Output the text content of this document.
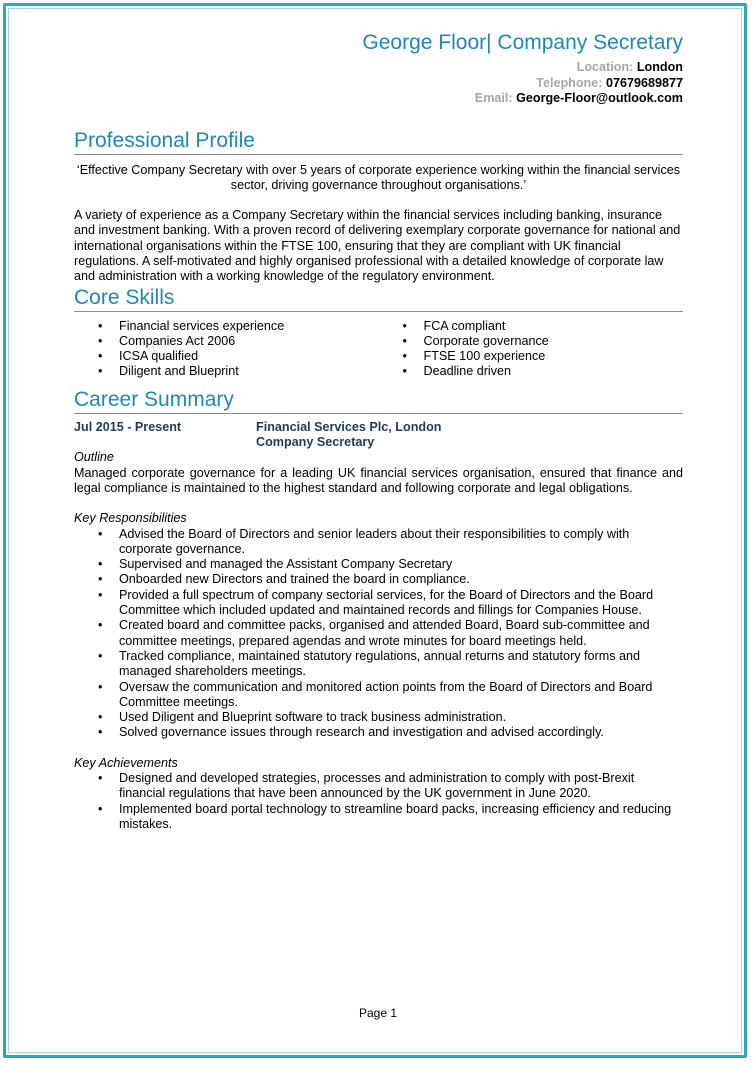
George Floor| Company Secretary
Location: London
Telephone: 07679689877
Email: George-Floor@outlook.com
Professional Profile

‘Effective Company Secretary with over 5 years of corporate experience working within the financial services sector, driving governance throughout organisations.’

A variety of experience as a Company Secretary within the financial services including banking, insurance and investment banking. With a proven record of delivering exemplary corporate governance for national and international organisations within the FTSE 100, ensuring that they are compliant with UK financial regulations. A self-motivated and highly organised professional with a detailed knowledge of corporate law and administration with a working knowledge of the regulatory environment.

Core Skills
• Financial services experience
• Companies Act 2006
• ICSA qualified
• Diligent and Blueprint
• FCA compliant
• Corporate governance
• FTSE 100 experience
• Deadline driven
Career Summary
Jul 2015 - Present	Financial Services Plc, London
Company Secretary
Outline

Managed corporate governance for a leading UK financial services organisation, ensured that finance and legal compliance is maintained to the highest standard and following corporate and legal obligations.

Key Responsibilities
• Advised the Board of Directors and senior leaders about their responsibilities to comply with corporate governance.
• Supervised and managed the Assistant Company Secretary
• Onboarded new Directors and trained the board in compliance.
• Provided a full spectrum of company sectorial services, for the Board of Directors and the Board Committee which included updated and maintained records and fillings for Companies House.
• Created board and committee packs, organised and attended Board, Board sub-committee and committee meetings, prepared agendas and wrote minutes for board meetings held.
• Tracked compliance, maintained statutory regulations, annual returns and statutory forms and managed shareholders meetings.
• Oversaw the communication and monitored action points from the Board of Directors and Board Committee meetings.
• Used Diligent and Blueprint software to track business administration.
• Solved governance issues through research and investigation and advised accordingly.
Key Achievements
• Designed and developed strategies, processes and administration to comply with post-Brexit financial regulations that have been announced by the UK government in June 2020.
• Implemented board portal technology to streamline board packs, increasing efficiency and reducing mistakes.
Page 1
